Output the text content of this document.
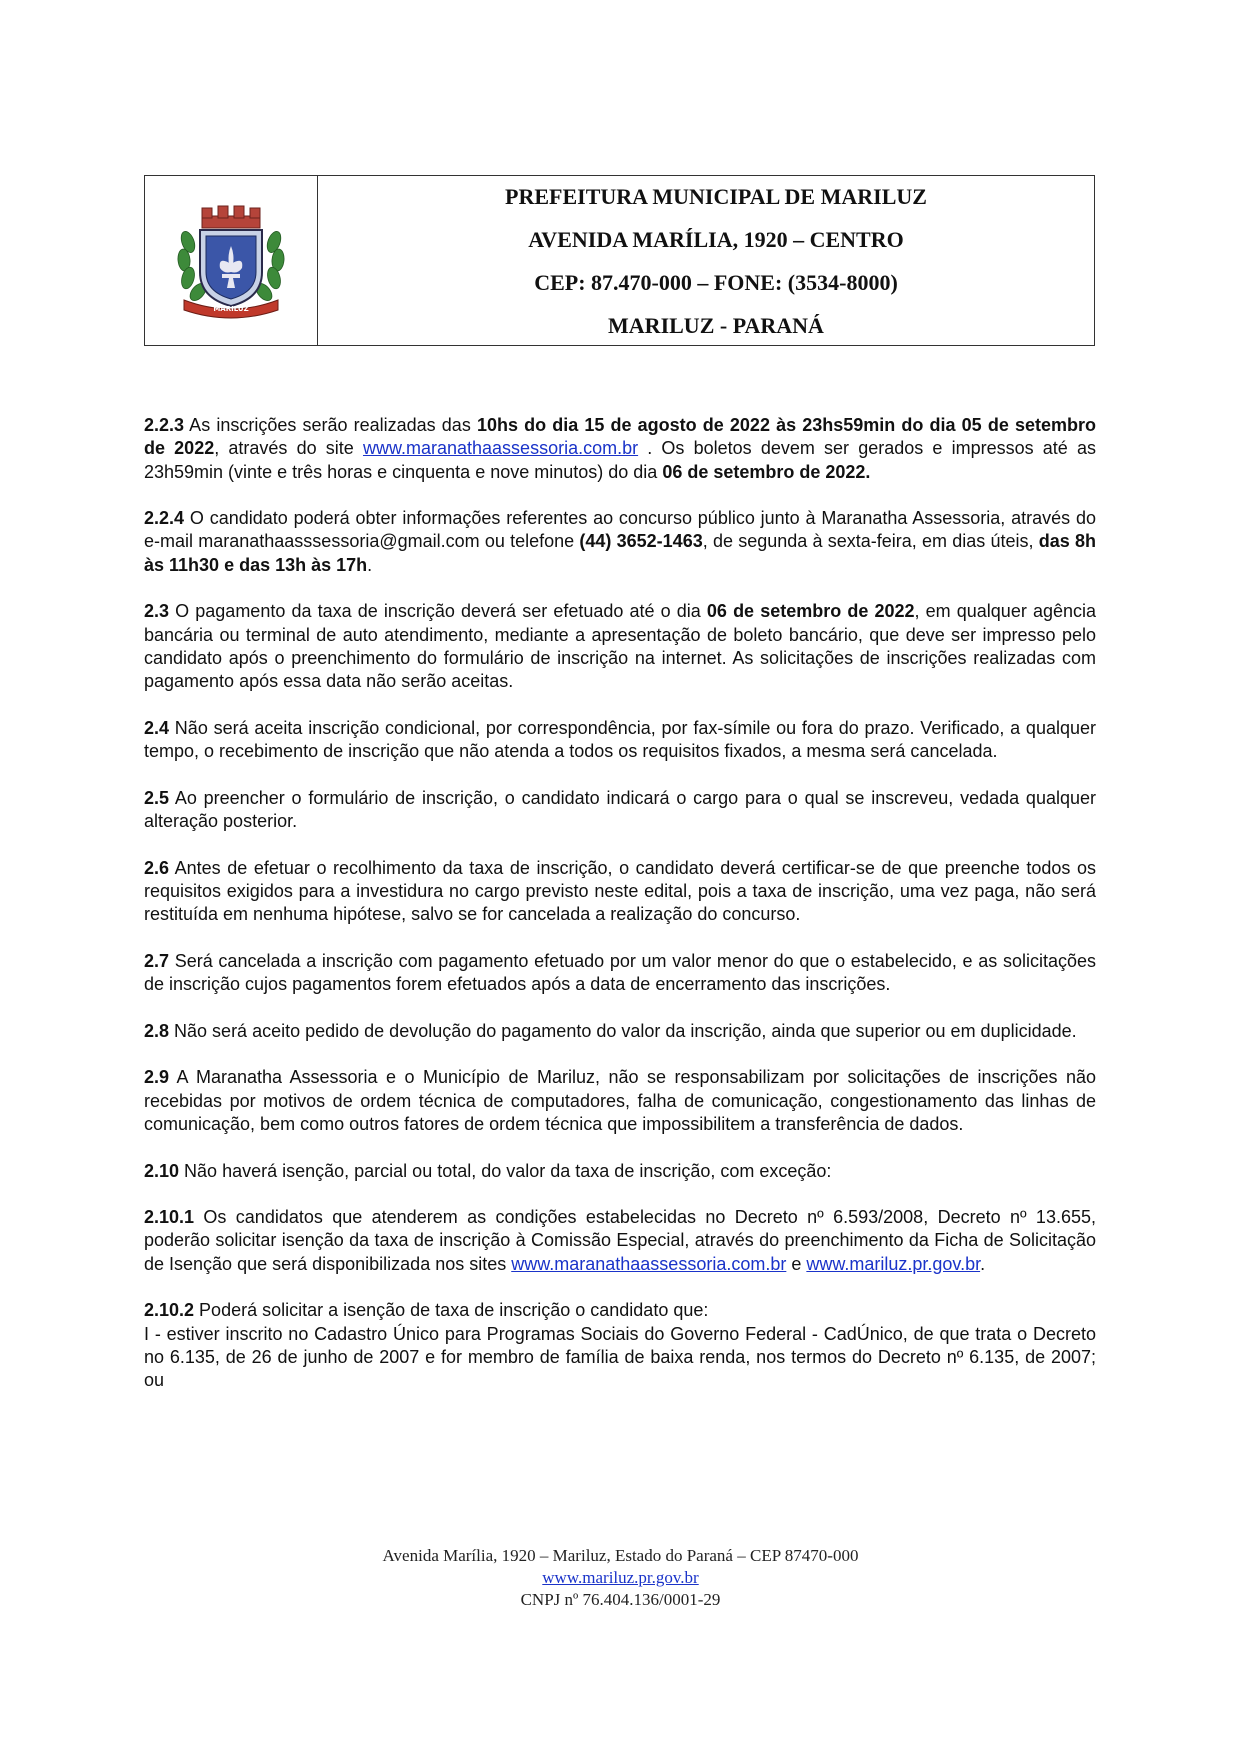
MARILUZ
PREFEITURA MUNICIPAL DE MARILUZ
AVENIDA MARÍLIA, 1920 – CENTRO
CEP: 87.470-000 – FONE: (3534-8000)
MARILUZ - PARANÁ

2.2.3 As inscrições serão realizadas das 10hs do dia 15 de agosto de 2022 às 23hs59min do dia 05 de setembro de 2022, através do site www.maranathaassessoria.com.br . Os boletos devem ser gerados e impressos até as 23h59min (vinte e três horas e cinquenta e nove minutos) do dia 06 de setembro de 2022.

2.2.4 O candidato poderá obter informações referentes ao concurso público junto à Maranatha Assessoria, através do e-mail maranathaasssessoria@gmail.com ou telefone (44) 3652-1463, de segunda à sexta-feira, em dias úteis, das 8h às 11h30 e das 13h às 17h.

2.3 O pagamento da taxa de inscrição deverá ser efetuado até o dia 06 de setembro de 2022, em qualquer agência bancária ou terminal de auto atendimento, mediante a apresentação de boleto bancário, que deve ser impresso pelo candidato após o preenchimento do formulário de inscrição na internet. As solicitações de inscrições realizadas com pagamento após essa data não serão aceitas.

2.4 Não será aceita inscrição condicional, por correspondência, por fax-símile ou fora do prazo. Verificado, a qualquer tempo, o recebimento de inscrição que não atenda a todos os requisitos fixados, a mesma será cancelada.

2.5 Ao preencher o formulário de inscrição, o candidato indicará o cargo para o qual se inscreveu, vedada qualquer alteração posterior.

2.6 Antes de efetuar o recolhimento da taxa de inscrição, o candidato deverá certificar-se de que preenche todos os requisitos exigidos para a investidura no cargo previsto neste edital, pois a taxa de inscrição, uma vez paga, não será restituída em nenhuma hipótese, salvo se for cancelada a realização do concurso.

2.7 Será cancelada a inscrição com pagamento efetuado por um valor menor do que o estabelecido, e as solicitações de inscrição cujos pagamentos forem efetuados após a data de encerramento das inscrições.

2.8 Não será aceito pedido de devolução do pagamento do valor da inscrição, ainda que superior ou em duplicidade.

2.9 A Maranatha Assessoria e o Município de Mariluz, não se responsabilizam por solicitações de inscrições não recebidas por motivos de ordem técnica de computadores, falha de comunicação, congestionamento das linhas de comunicação, bem como outros fatores de ordem técnica que impossibilitem a transferência de dados.

2.10 Não haverá isenção, parcial ou total, do valor da taxa de inscrição, com exceção:

2.10.1 Os candidatos que atenderem as condições estabelecidas no Decreto nº 6.593/2008, Decreto nº 13.655, poderão solicitar isenção da taxa de inscrição à Comissão Especial, através do preenchimento da Ficha de Solicitação de Isenção que será disponibilizada nos sites www.maranathaassessoria.com.br e www.mariluz.pr.gov.br.

2.10.2 Poderá solicitar a isenção de taxa de inscrição o candidato que:
I - estiver inscrito no Cadastro Único para Programas Sociais do Governo Federal - CadÚnico, de que trata o Decreto no 6.135, de 26 de junho de 2007 e for membro de família de baixa renda, nos termos do Decreto nº 6.135, de 2007; ou

Avenida Marília, 1920 – Mariluz, Estado do Paraná – CEP 87470-000
www.mariluz.pr.gov.br
CNPJ nº 76.404.136/0001-29
